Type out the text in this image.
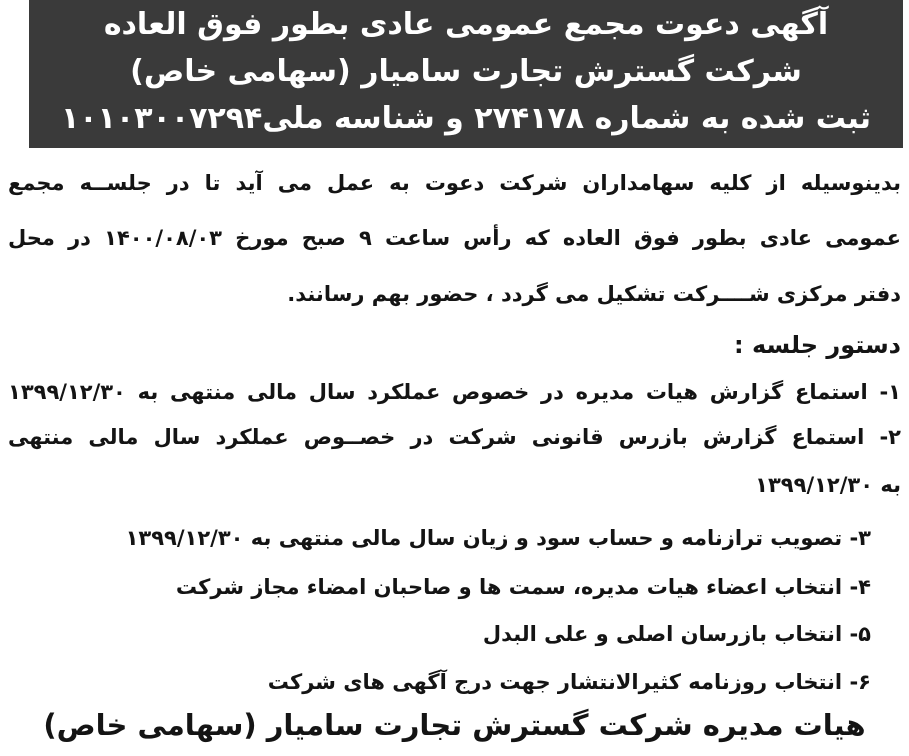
آگهی دعوت مجمع عمومی عادی بطور فوق العاده
شرکت گسترش تجارت سامیار (سهامی خاص)
ثبت شده به شماره ۲۷۴۱۷۸ و شناسه ملی۱۰۱۰۳۰۰۷۲۹۴
بدینوسیله از کلیه سهامداران شرکت دعوت به عمل می آید تا در جلســه مجمع
عمومی عادی بطور فوق العاده که رأس ساعت ۹ صبح مورخ ۱۴۰۰/۰۸/۰۳ در محل
دفتر مرکزی شــــرکت تشکیل می گردد ، حضور بهم رسانند.
دستور جلسه :
۱- استماع گزارش هیات مدیره در خصوص عملکرد سال مالی منتهی به ۱۳۹۹/۱۲/۳۰
۲- استماع گزارش بازرس قانونی شرکت در خصــوص عملکرد سال مالی منتهی
به ۱۳۹۹/۱۲/۳۰
۳- تصویب ترازنامه و حساب سود و زیان سال مالی منتهی به ۱۳۹۹/۱۲/۳۰
۴- انتخاب اعضاء هیات مدیره، سمت ها و صاحبان امضاء مجاز شرکت
۵- انتخاب بازرسان اصلی و علی البدل
۶- انتخاب روزنامه کثیرالانتشار جهت درج آگهی های شرکت
هیات مدیره شرکت گسترش تجارت سامیار (سهامی خاص)
